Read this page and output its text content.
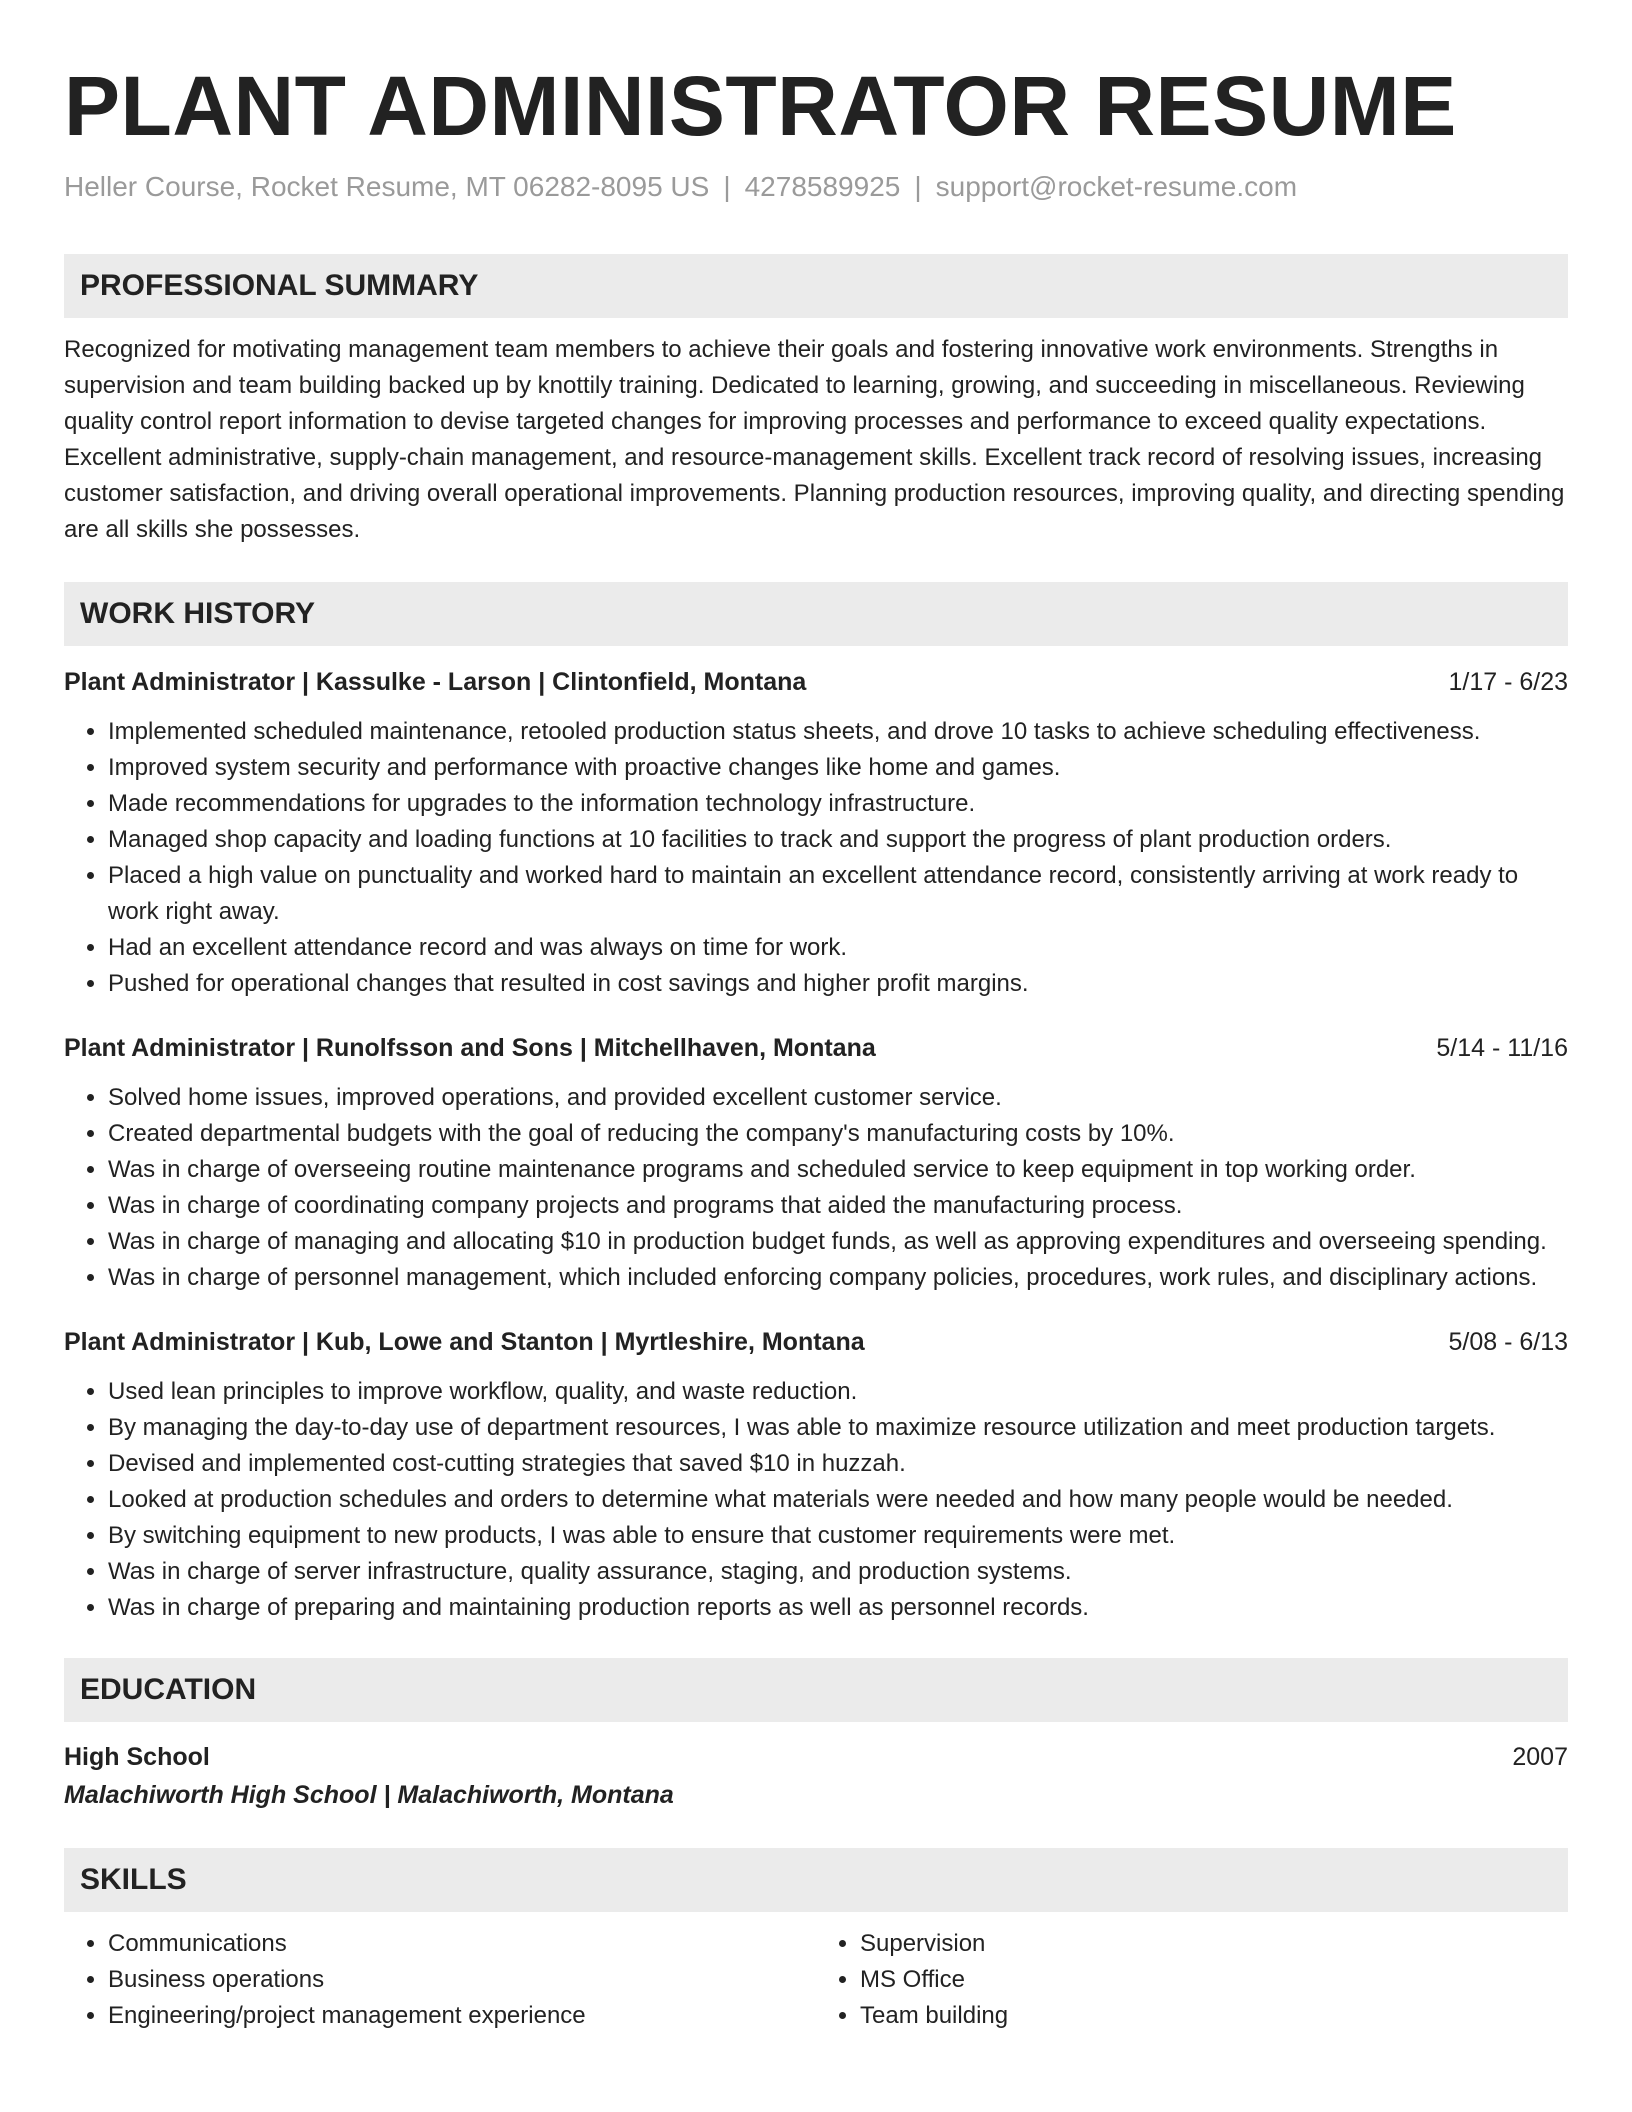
PLANT ADMINISTRATOR RESUME
Heller Course, Rocket Resume, MT 06282-8095 US | 4278589925 | support@rocket-resume.com
PROFESSIONAL SUMMARY

Recognized for motivating management team members to achieve their goals and fostering innovative work environments. Strengths in supervision and team building backed up by knottily training. Dedicated to learning, growing, and succeeding in miscellaneous. Reviewing quality control report information to devise targeted changes for improving processes and performance to exceed quality expectations. Excellent administrative, supply-chain management, and resource-management skills. Excellent track record of resolving issues, increasing customer satisfaction, and driving overall operational improvements. Planning production resources, improving quality, and directing spending are all skills she possesses.

WORK HISTORY
Plant Administrator | Kassulke - Larson | Clintonfield, Montana	1/17 - 6/23
• Implemented scheduled maintenance, retooled production status sheets, and drove 10 tasks to achieve scheduling effectiveness.
• Improved system security and performance with proactive changes like home and games.
• Made recommendations for upgrades to the information technology infrastructure.
• Managed shop capacity and loading functions at 10 facilities to track and support the progress of plant production orders.
• Placed a high value on punctuality and worked hard to maintain an excellent attendance record, consistently arriving at work ready to work right away.
• Had an excellent attendance record and was always on time for work.
• Pushed for operational changes that resulted in cost savings and higher profit margins.
Plant Administrator | Runolfsson and Sons | Mitchellhaven, Montana	5/14 - 11/16
• Solved home issues, improved operations, and provided excellent customer service.
• Created departmental budgets with the goal of reducing the company's manufacturing costs by 10%.
• Was in charge of overseeing routine maintenance programs and scheduled service to keep equipment in top working order.
• Was in charge of coordinating company projects and programs that aided the manufacturing process.
• Was in charge of managing and allocating $10 in production budget funds, as well as approving expenditures and overseeing spending.
• Was in charge of personnel management, which included enforcing company policies, procedures, work rules, and disciplinary actions.
Plant Administrator | Kub, Lowe and Stanton | Myrtleshire, Montana	5/08 - 6/13
• Used lean principles to improve workflow, quality, and waste reduction.
• By managing the day-to-day use of department resources, I was able to maximize resource utilization and meet production targets.
• Devised and implemented cost-cutting strategies that saved $10 in huzzah.
• Looked at production schedules and orders to determine what materials were needed and how many people would be needed.
• By switching equipment to new products, I was able to ensure that customer requirements were met.
• Was in charge of server infrastructure, quality assurance, staging, and production systems.
• Was in charge of preparing and maintaining production reports as well as personnel records.
EDUCATION
High School	2007
Malachiworth High School | Malachiworth, Montana
SKILLS
• Communications
• Business operations
• Engineering/project management experience
• Supervision
• MS Office
• Team building
